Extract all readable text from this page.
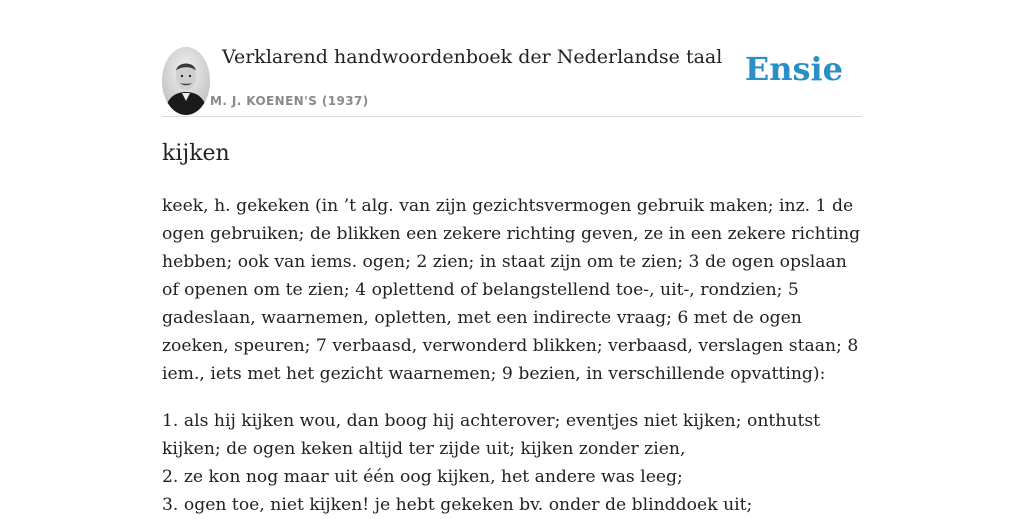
Verklarend handwoordenboek der Nederlandse taal
M. J. KOENEN'S (1937)
Ensie
kijken

keek, h. gekeken (in ’t alg. van zijn gezichtsvermogen gebruik maken; inz. 1 de ogen gebruiken; de blikken een zekere richting geven, ze in een zekere richting hebben; ook van iems. ogen; 2 zien; in staat zijn om te zien; 3 de ogen opslaan of openen om te zien; 4 oplettend of belangstellend toe-, uit-, rondzien; 5 gadeslaan, waarnemen, opletten, met een indirecte vraag; 6 met de ogen zoeken, speuren; 7 verbaasd, verwonderd blikken; verbaasd, verslagen staan; 8 iem., iets met het gezicht waarnemen; 9 bezien, in verschillende opvatting):

1. als hij kijken wou, dan boog hij achterover; eventjes niet kijken; onthutst kijken; de ogen keken altijd ter zijde uit; kijken zonder zien,
2. ze kon nog maar uit één oog kijken, het andere was leeg;
3. ogen toe, niet kijken! je hebt gekeken bv. onder de blinddoek uit;
